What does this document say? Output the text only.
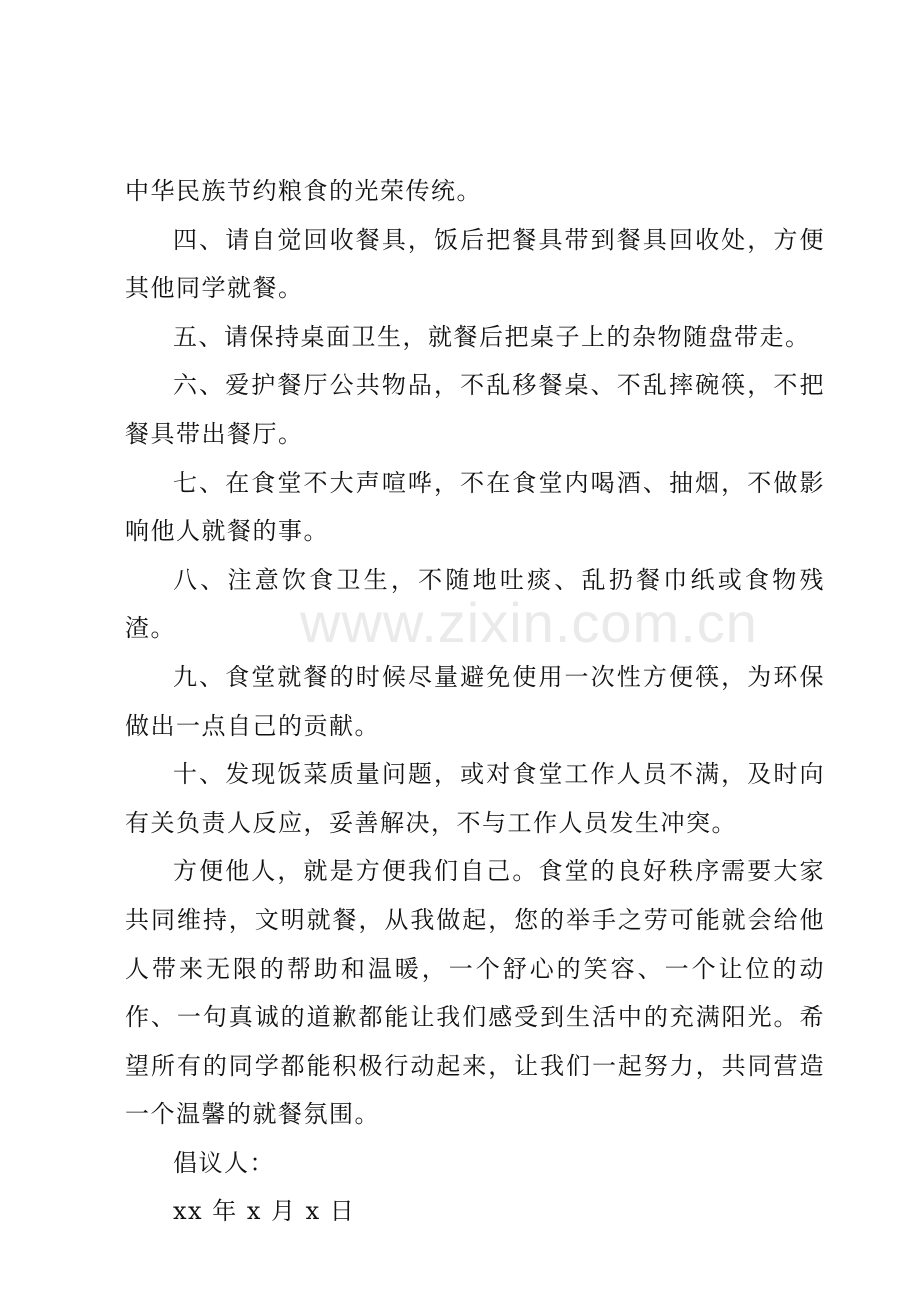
中华民族节约粮食的光荣传统。

四、请自觉回收餐具，饭后把餐具带到餐具回收处，方便其他同学就餐。

五、请保持桌面卫生，就餐后把桌子上的杂物随盘带走。

六、爱护餐厅公共物品，不乱移餐桌、不乱摔碗筷，不把餐具带出餐厅。

七、在食堂不大声喧哗，不在食堂内喝酒、抽烟，不做影响他人就餐的事。

八、注意饮食卫生，不随地吐痰、乱扔餐巾纸或食物残渣。

九、食堂就餐的时候尽量避免使用一次性方便筷，为环保做出一点自己的贡献。

十、发现饭菜质量问题，或对食堂工作人员不满，及时向有关负责人反应，妥善解决，不与工作人员发生冲突。

方便他人，就是方便我们自己。食堂的良好秩序需要大家共同维持，文明就餐，从我做起，您的举手之劳可能就会给他人带来无限的帮助和温暖，一个舒心的笑容、一个让位的动作、一句真诚的道歉都能让我们感受到生活中的充满阳光。希望所有的同学都能积极行动起来，让我们一起努力，共同营造一个温馨的就餐氛围。

倡议人：

xx 年 x 月 x 日

www.zixin.com.cn
